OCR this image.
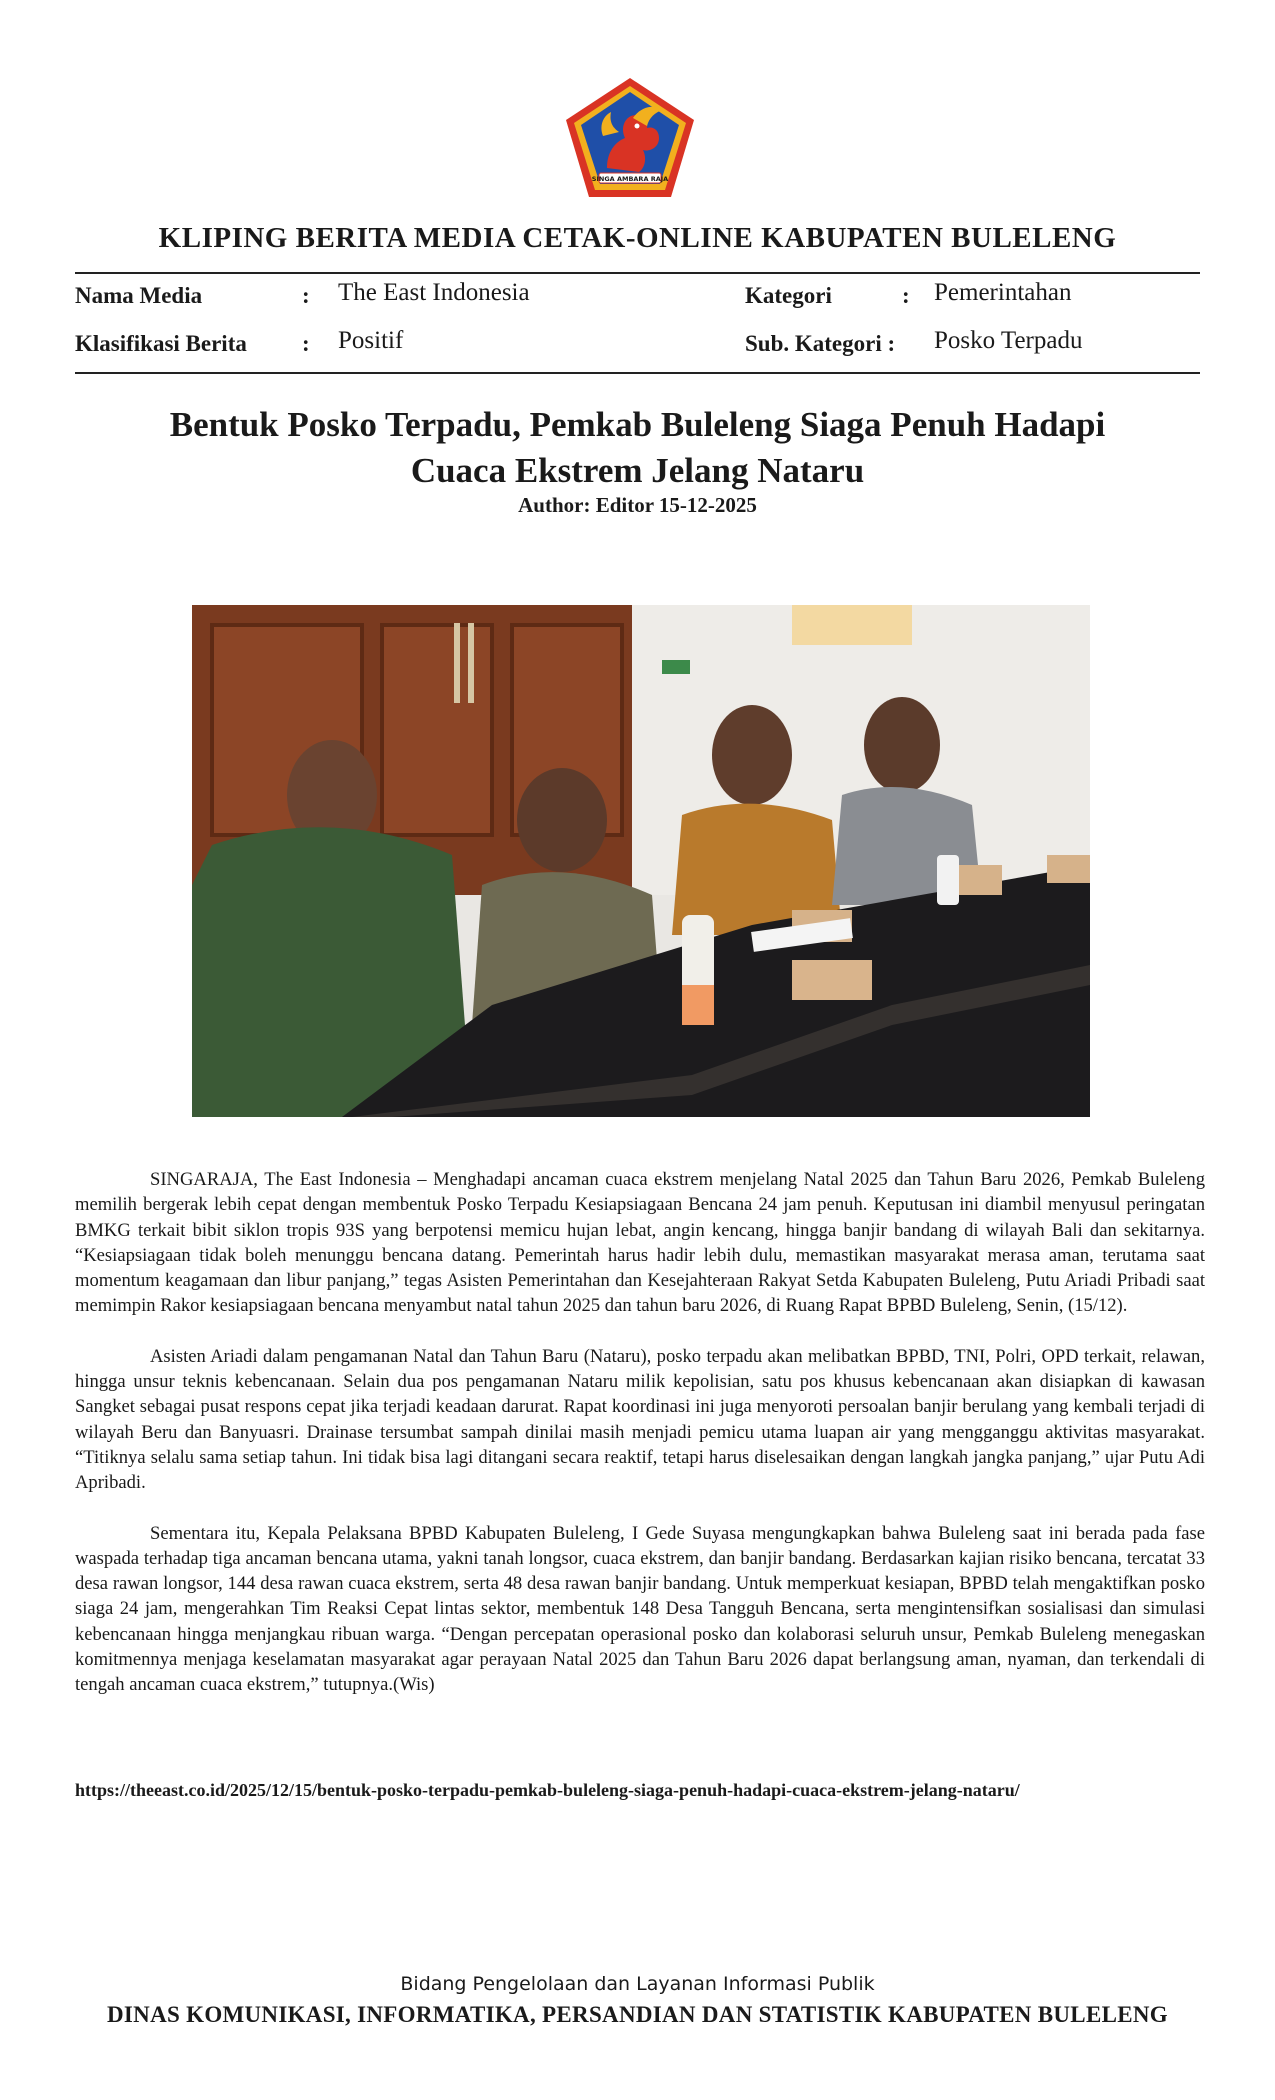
SINGA AMBARA RAJA
KLIPING BERITA MEDIA CETAK-ONLINE KABUPATEN BULELENG
Nama Media	: The East Indonesia	Kategori	: Pemerintahan
Klasifikasi Berita : Positif	Sub. Kategori : Posko Terpadu
Bentuk Posko Terpadu, Pemkab Buleleng Siaga Penuh Hadapi
Cuaca Ekstrem Jelang Nataru
Author: Editor 15-12-2025

SINGARAJA, The East Indonesia – Menghadapi ancaman cuaca ekstrem menjelang Natal 2025 dan Tahun Baru 2026, Pemkab Buleleng memilih bergerak lebih cepat dengan membentuk Posko Terpadu Kesiapsiagaan Bencana 24 jam penuh. Keputusan ini diambil menyusul peringatan BMKG terkait bibit siklon tropis 93S yang berpotensi memicu hujan lebat, angin kencang, hingga banjir bandang di wilayah Bali dan sekitarnya. “Kesiapsiagaan tidak boleh menunggu bencana datang. Pemerintah harus hadir lebih dulu, memastikan masyarakat merasa aman, terutama saat momentum keagamaan dan libur panjang,” tegas Asisten Pemerintahan dan Kesejahteraan Rakyat Setda Kabupaten Buleleng, Putu Ariadi Pribadi saat memimpin Rakor kesiapsiagaan bencana menyambut natal tahun 2025 dan tahun baru 2026, di Ruang Rapat BPBD Buleleng, Senin, (15/12).

Asisten Ariadi dalam pengamanan Natal dan Tahun Baru (Nataru), posko terpadu akan melibatkan BPBD, TNI, Polri, OPD terkait, relawan, hingga unsur teknis kebencanaan. Selain dua pos pengamanan Nataru milik kepolisian, satu pos khusus kebencanaan akan disiapkan di kawasan Sangket sebagai pusat respons cepat jika terjadi keadaan darurat. Rapat koordinasi ini juga menyoroti persoalan banjir berulang yang kembali terjadi di wilayah Beru dan Banyuasri. Drainase tersumbat sampah dinilai masih menjadi pemicu utama luapan air yang mengganggu aktivitas masyarakat. “Titiknya selalu sama setiap tahun. Ini tidak bisa lagi ditangani secara reaktif, tetapi harus diselesaikan dengan langkah jangka panjang,” ujar Putu Adi Apribadi.

Sementara itu, Kepala Pelaksana BPBD Kabupaten Buleleng, I Gede Suyasa mengungkapkan bahwa Buleleng saat ini berada pada fase waspada terhadap tiga ancaman bencana utama, yakni tanah longsor, cuaca ekstrem, dan banjir bandang. Berdasarkan kajian risiko bencana, tercatat 33 desa rawan longsor, 144 desa rawan cuaca ekstrem, serta 48 desa rawan banjir bandang. Untuk memperkuat kesiapan, BPBD telah mengaktifkan posko siaga 24 jam, mengerahkan Tim Reaksi Cepat lintas sektor, membentuk 148 Desa Tangguh Bencana, serta mengintensifkan sosialisasi dan simulasi kebencanaan hingga menjangkau ribuan warga. “Dengan percepatan operasional posko dan kolaborasi seluruh unsur, Pemkab Buleleng menegaskan komitmennya menjaga keselamatan masyarakat agar perayaan Natal 2025 dan Tahun Baru 2026 dapat berlangsung aman, nyaman, dan terkendali di tengah ancaman cuaca ekstrem,” tutupnya.(Wis)

https://theeast.co.id/2025/12/15/bentuk-posko-terpadu-pemkab-buleleng-siaga-penuh-hadapi-cuaca-ekstrem-jelang-nataru/
Bidang Pengelolaan dan Layanan Informasi Publik
DINAS KOMUNIKASI, INFORMATIKA, PERSANDIAN DAN STATISTIK KABUPATEN BULELENG
